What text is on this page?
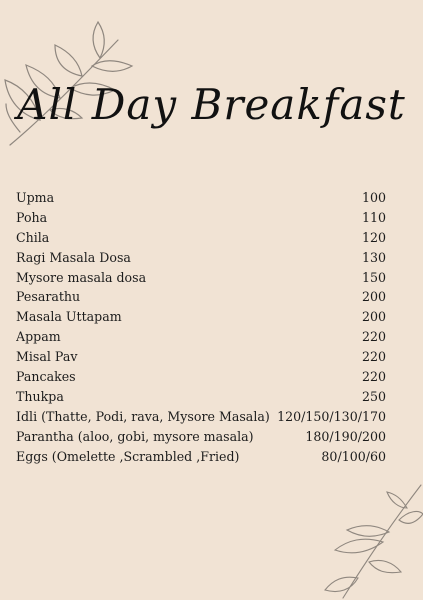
All Day Breakfast
Upma	100
Poha	110
Chila	120
Ragi Masala Dosa	130
Mysore masala dosa	150
Pesarathu	200
Masala Uttapam	200
Appam	220
Misal Pav	220
Pancakes	220
Thukpa	250
Idli (Thatte, Podi, rava, Mysore Masala) 120/150/130/170
Parantha (aloo, gobi, mysore masala)	180/190/200
Eggs (Omelette ,Scrambled ,Fried)	80/100/60
